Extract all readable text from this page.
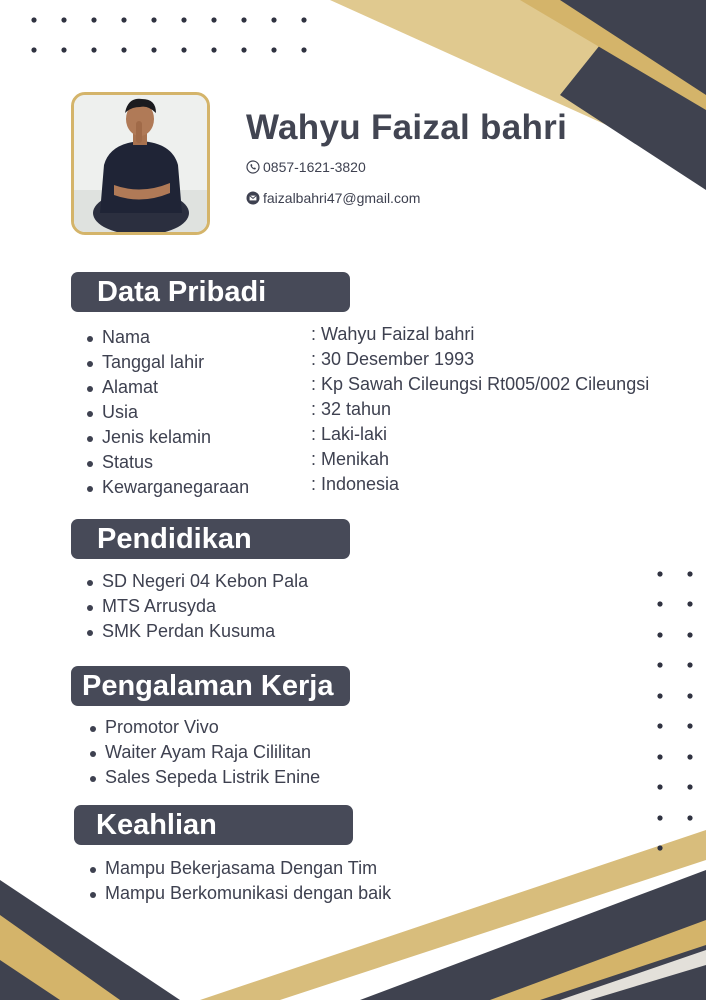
Wahyu Faizal bahri
0857-1621-3820
faizalbahri47@gmail.com
Data Pribadi
Nama
Tanggal lahir
Alamat
Usia
Jenis kelamin
Status
Kewarganegaraan
: Wahyu Faizal bahri
: 30 Desember 1993
: Kp Sawah Cileungsi Rt005/002 Cileungsi
: 32 tahun
: Laki-laki
: Menikah
: Indonesia
Pendidikan
SD Negeri 04 Kebon Pala
MTS Arrusyda
SMK Perdan Kusuma
Pengalaman Kerja
Promotor Vivo
Waiter Ayam Raja Cililitan
Sales Sepeda Listrik Enine
Keahlian
Mampu Bekerjasama Dengan Tim
Mampu Berkomunikasi dengan baik
